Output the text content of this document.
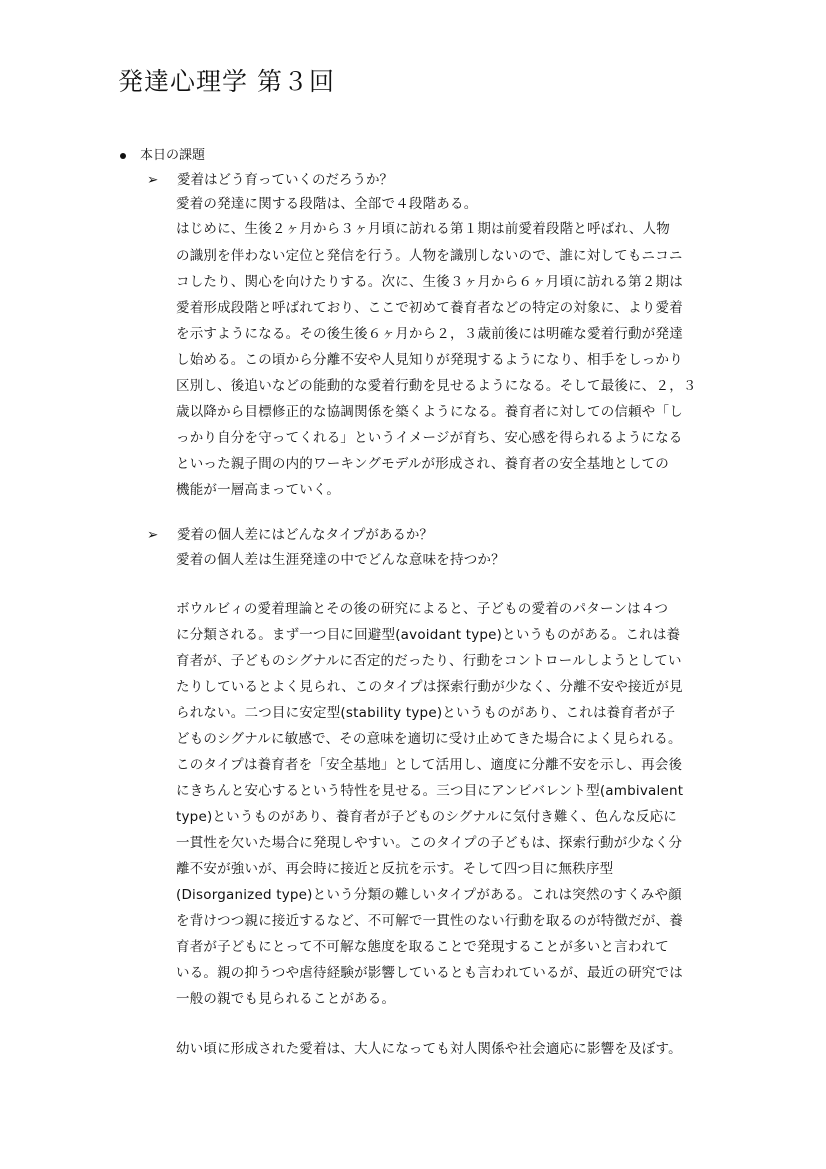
発達心理学 第３回
本日の課題
➢ 愛着はどう育っていくのだろうか？
愛着の発達に関する段階は、全部で４段階ある。
はじめに、生後２ヶ月から３ヶ月頃に訪れる第１期は前愛着段階と呼ばれ、人物
の識別を伴わない定位と発信を行う。人物を識別しないので、誰に対してもニコニ
コしたり、関心を向けたりする。次に、生後３ヶ月から６ヶ月頃に訪れる第２期は
愛着形成段階と呼ばれており、ここで初めて養育者などの特定の対象に、より愛着
を示すようになる。その後生後６ヶ月から２，３歳前後には明確な愛着行動が発達
し始める。この頃から分離不安や人見知りが発現するようになり、相手をしっかり
区別し、後追いなどの能動的な愛着行動を見せるようになる。そして最後に、２，３
歳以降から目標修正的な協調関係を築くようになる。養育者に対しての信頼や「し
っかり自分を守ってくれる」というイメージが育ち、安心感を得られるようになる
といった親子間の内的ワーキングモデルが形成され、養育者の安全基地としての
機能が一層高まっていく。
➢ 愛着の個人差にはどんなタイプがあるか？
愛着の個人差は生涯発達の中でどんな意味を持つか？
ボウルビィの愛着理論とその後の研究によると、子どもの愛着のパターンは４つ
に分類される。まず一つ目に回避型(avoidant type)というものがある。これは養
育者が、子どものシグナルに否定的だったり、行動をコントロールしようとしてい
たりしているとよく見られ、このタイプは探索行動が少なく、分離不安や接近が見
られない。二つ目に安定型(stability type)というものがあり、これは養育者が子
どものシグナルに敏感で、その意味を適切に受け止めてきた場合によく見られる。
このタイプは養育者を「安全基地」として活用し、適度に分離不安を示し、再会後
にきちんと安心するという特性を見せる。三つ目にアンビバレント型(ambivalent
type)というものがあり、養育者が子どものシグナルに気付き難く、色んな反応に
一貫性を欠いた場合に発現しやすい。このタイプの子どもは、探索行動が少なく分
離不安が強いが、再会時に接近と反抗を示す。そして四つ目に無秩序型
(Disorganized type)という分類の難しいタイプがある。これは突然のすくみや顔
を背けつつ親に接近するなど、不可解で一貫性のない行動を取るのが特徴だが、養
育者が子どもにとって不可解な態度を取ることで発現することが多いと言われて
いる。親の抑うつや虐待経験が影響しているとも言われているが、最近の研究では
一般の親でも見られることがある。
幼い頃に形成された愛着は、大人になっても対人関係や社会適応に影響を及ぼす。
